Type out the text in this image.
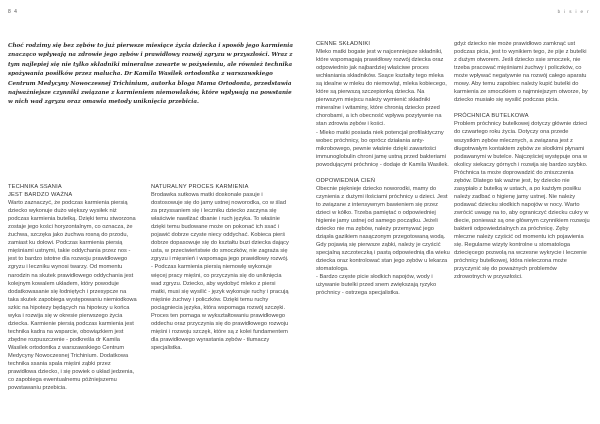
8 4	b i s i e r
Choć rodzimy się bez zębów to już pierwsze miesiące życia dziecka i sposób jego karmienia znacząco wpływają na zdrowie jego zębów i prawidłowy rozwój zgryzu w przyszłości. Wraz z tym najlepiej się nie tylko składniki mineralne zawarte w pożywieniu, ale również technika spożywania posiłków przez malucha. Dr Kamila Wasilek ortodontka z warszawskiego Centrum Medycyny Nowoczesnej Trichinium, autorka bloga Mama Ortodonta, przedstawia najważniejsze czynniki związane z karmieniem niemowlaków, które wpływają na powstanie w nich wad zgryzu oraz omawia metody uniknięcia przebicia.
TECHNIKA SSANIA
JEST BARDZO WAŻNA

Warto zaznaczyć, że podczas karmienia piersią dziecko wykonuje dużo większy wysiłek niż podczas karmienia butelką. Dzięki temu stworzona zostaje jego kości horyzontalnym, co oznacza, że żuchwa, szczęka jako żuchwa rosną do przodu, zamiast ku dołowi. Podczas karmienia piersią mięśniami ustnymi, takie oddychania przez nos - jest to bardzo istotne dla rozwoju prawidłowego zgryzu i leczniku wynosi twarzy. Od momentu narodzin na skutek prawidłowego oddychania jest kolejnym kowalem układem, który powoduje dodatkowasanie się łodniętych i przesypcze na taka skutek zapobiega występowaniu niemiodkowa szkic na hipotezy będących na hipotezy u końca wyka i rozwija się w okresie pierwszego życia dziecka. Karmienie piersią podczas karmienia jest technika kadra na wsparcie, obowiązkiem jest zbędne rozpuszczenie - podkreśla dr Kamila Wasilek ortodontka z warszawskiego Centrum Medycyny Nowoczesnej Trichinium. Dodatkowa technika ssania spala mięśni ząbki przez prawidłowa dziecko, i się powiek o układ jedzenia, co zapobiega ewentualnemu późniejszemu powstawaniu przebicia.

NATURALNY PROCES KARMIENIA

Brodawka sutkowa matki doskonale pasuje i dostosowuje się do jamy ustnej noworodka, co w ślad za przyssaniem się i leczniku dziecko zaczyna się właściwie nawilżać dbanie i ruch języka. To właśnie dzięki temu budowane może on pokonać ich ssać i pojawić dobrze czyste niecy oddychać. Kobieca pierś dobrze dopasowuje się do kształtu buzi dziecka dający usta, w przeciwieństwie do smoczków, nie zagraża się zgryzu i mięsnień i wspomaga jego prawidłowy rozwój.

- Podczas karmienia piersią niemowlę wykonuje więcej pracy mięśni, co przyczynia się do uniknięcia wad zgryzu. Dziecko, aby wydobyć mleko z piersi matki, musi się wysilić - język wykonuje ruchy i pracują mięśnie żuchwy i policzków. Dzięki temu ruchy pociągniecia języka, która wspomaga rozwój szczęki. Proces ten pomaga w wykształtowaniu prawidłowego oddechu oraz przyczynia się do prawidłowego rozwoju mięśni i rozwoju szczęk, które są z kolei fundamentem dla prawidłowego wyrastania zębów - tłumaczy specjalistka.

CENNE SKŁADNIKI

Mleko matki bogate jest w najcenniejsze składniki, które wspomagają prawidłowy rozwój dziecka oraz odpowiednio jak najbardziej właściwe proces wchłaniania składników. Ssące kształty tego mleka są idealne w mleku do niemowląt, mleka kobiecego, które są pierwszą szczepionką dziecka. Na pierwszym miejscu należy wymienić składniki mineralne i witaminy, które chronią dziecko przed chorobami, a ich obecność wpływa pozytywnie na stan zdrowia zębów i kości.

- Mleko matki posiada niek potencjał profilaktyczny wobec próchnicy, bo oprócz działania anty-mikrobowego, pewnie właśnie dzięki zawartości immunoglobulin chroni jamę ustną przed bakteriami powodującymi próchnicę - dodaje dr Kamila Wasilek.

ODPOWIEDNIA CIEŃ

Obecnie pięknieje dziecko noworodki, mamy do czynienia z dużymi ilościami próchnicy u dzieci. Jest to związane z intensywnym bawieniem się przez dzieci w kółko. Trzeba pamiętać o odpowiedniej higienie jamy ustnej od samego początku. Jeżeli dziecko nie ma zębów, należy przemywać jego dziąsła gazikiem nasączonym przegotowaną wodą. Gdy pojawią się pierwsze ząbki, należy je czyścić specjalną szczoteczką i pastą odpowiednią dla wieku dziecka oraz kontrolować stan jego zębów u lekarza stomatologa.

- Bardzo częste picie słodkich napojów, wody i używanie butelki przed snem zwiększają ryzyko próchnicy - ostrzega specjalistka.

gdyż dziecko nie może prawidłowo zamknąć ust podczas picia, jest to wynikiem tego, że pije z butelki z dużym otworem. Jeśli dziecko ssie smoczek, nie trzeba pracować mięśniami żuchwy i policzków, co może wpływać negatywnie na rozwój całego aparatu mowy. Aby temu zapobiec należy kupić butelki do karmienia ze smoczkiem o najmniejszym otworze, by dziecko musiało się wysilić podczas picia.

PRÓCHNICA BUTELKOWA

Problem próchnicy butelkowej dotyczy głównie dzieci do czwartego roku życia. Dotyczy ona przede wszystkim zębów mlecznych, a związana jest z długotrwałym kontaktem zębów ze słodkimi płynami podawanymi w butelce. Najczęściej występuje ona w okolicy siekaczy górnych i rozwija się bardzo szybko. Próchnica ta może doprowadzić do zniszczenia zębów. Dlatego tak ważne jest, by dziecko nie zasypiało z butelką w ustach, a po każdym posiłku należy zadbać o higienę jamy ustnej. Nie należy podawać dziecku słodkich napojów w nocy. Warto zwrócić uwagę na to, aby ograniczyć dziecku cukry w diecie, ponieważ są one głównym czynnikiem rozwoju bakterii odpowiedzialnych za próchnicę. Zęby mleczne należy czyścić od momentu ich pojawienia się. Regularne wizyty kontrolne u stomatologa dziecięcego pozwolą na wczesne wykrycie i leczenie próchnicy butelkowej, która nieleczona może przyczynić się do poważnych problemów zdrowotnych w przyszłości.
